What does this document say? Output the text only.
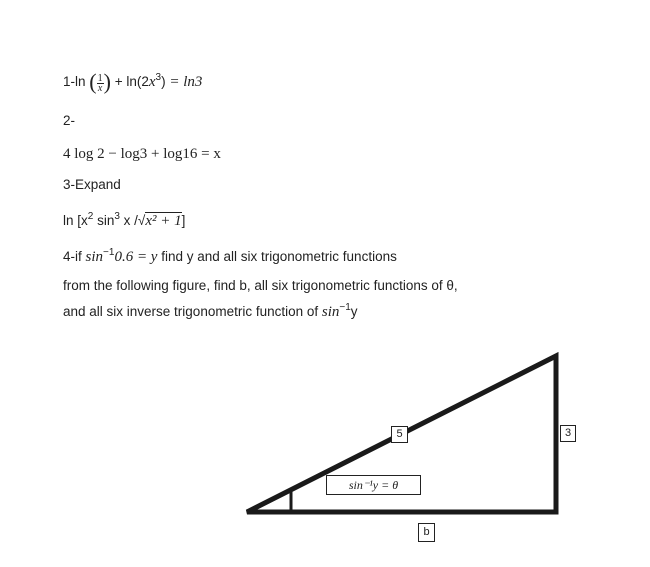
1-ln ( $\frac{1}{x}$ ) + $\ln(2x^3) = \ln 3$
2-
4 log 2 − log3 + log16 = x
3-Expand
$\ln [x^2$ $\sin^3 x$ /√x² + 1]
4-if $\sin^{-1}0.6 = y$ find y and all six trigonometric functions
from the following figure, find b, all six trigonometric functions of θ,
and all six inverse trigonometric function of $\sin^{-1}y$
5	3
b
sin⁻¹y = θ
